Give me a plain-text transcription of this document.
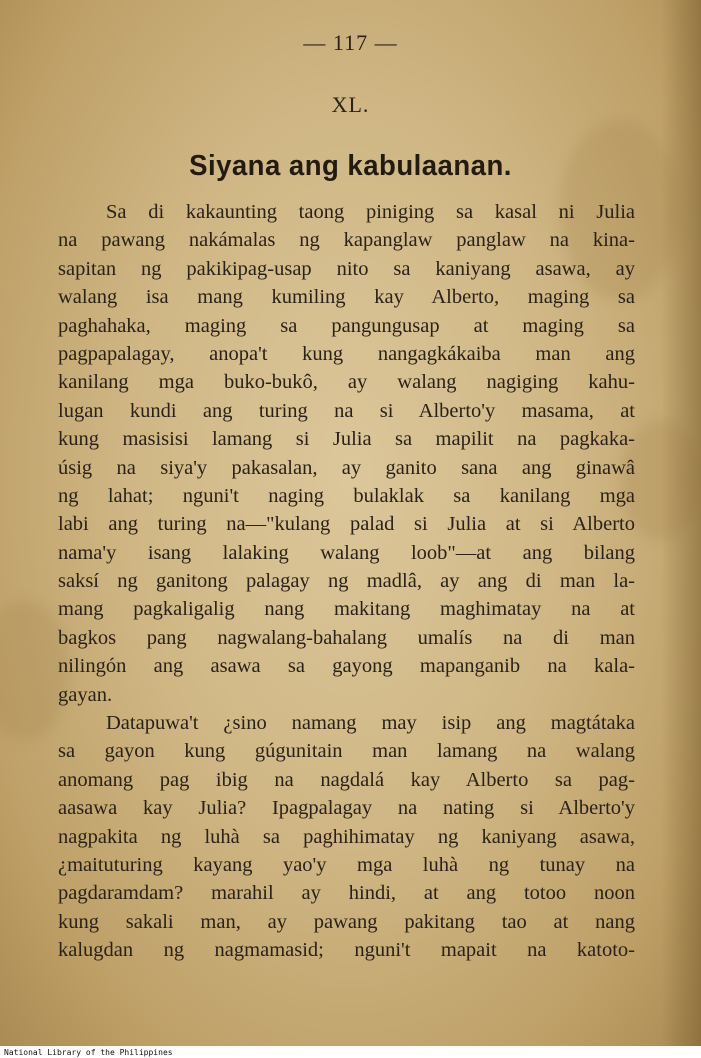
— 117 —
XL.
Siyana ang kabulaanan.
Sa di kakaunting taong piniging sa kasal ni Julia
na pawang nakámalas ng kapanglaw panglaw na kina-
sapitan ng pakikipag-usap nito sa kaniyang asawa, ay
walang isa mang kumiling kay Alberto, maging sa
paghahaka, maging sa pangungusap at maging sa
pagpapalagay, anopa't kung nangagkákaiba man ang
kanilang mga buko-bukô, ay walang nagiging kahu-
lugan kundi ang turing na si Alberto'y masama, at
kung masisisi lamang si Julia sa mapilit na pagkaka-
úsig na siya'y pakasalan, ay ganito sana ang ginawâ
ng lahat; nguni't naging bulaklak sa kanilang mga
labi ang turing na—"kulang palad si Julia at si Alberto
nama'y isang lalaking walang loob"—at ang bilang
saksí ng ganitong palagay ng madlâ, ay ang di man la-
mang pagkaligalig nang makitang maghimatay na at
bagkos pang nagwalang-bahalang umalís na di man
nilingón ang asawa sa gayong mapanganib na kala-
gayan.
Datapuwa't ¿sino namang may isip ang magtátaka
sa gayon kung gúgunitain man lamang na walang
anomang pag ibig na nagdalá kay Alberto sa pag-
aasawa kay Julia? Ipagpalagay na nating si Alberto'y
nagpakita ng luhà sa paghihimatay ng kaniyang asawa,
¿maituturing kayang yao'y mga luhà ng tunay na
pagdaramdam? marahil ay hindi, at ang totoo noon
kung sakali man, ay pawang pakitang tao at nang
kalugdan ng nagmamasid; nguni't mapait na katoto-
National Library of the Philippines
